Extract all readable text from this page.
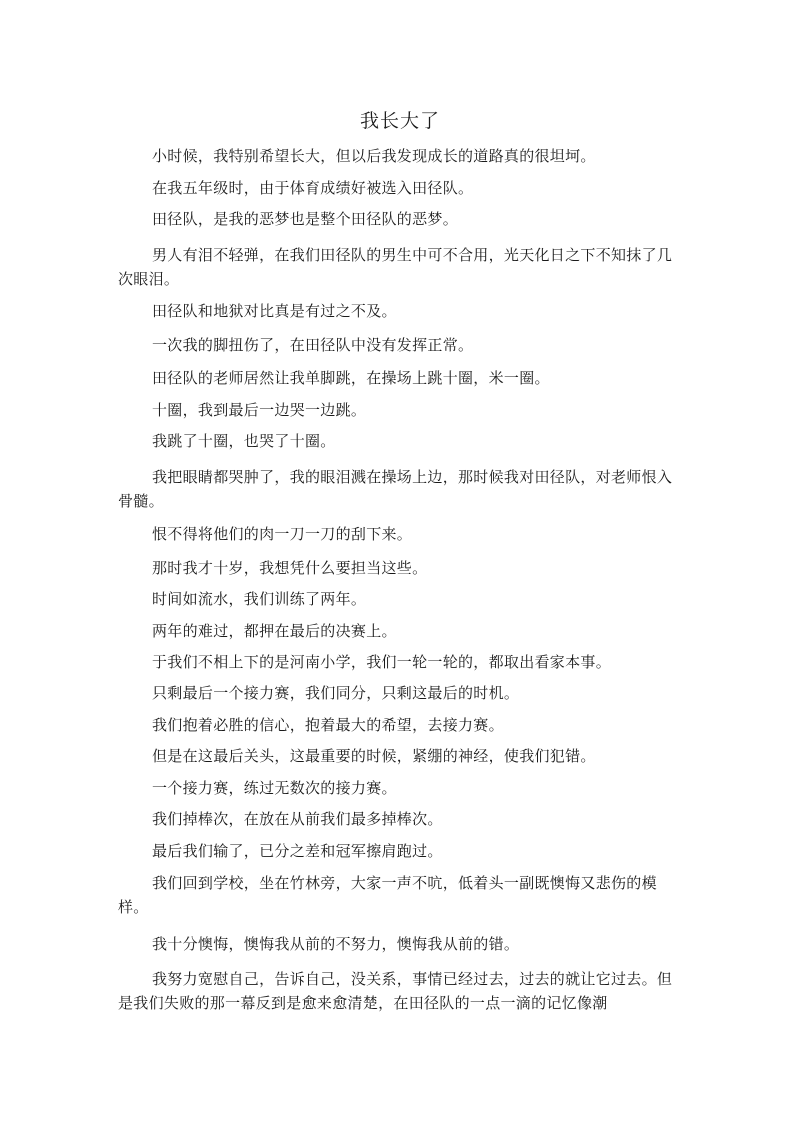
我长大了
小时候，我特别希望长大，但以后我发现成长的道路真的很坦坷。
在我五年级时，由于体育成绩好被选入田径队。
田径队，是我的恶梦也是整个田径队的恶梦。
男人有泪不轻弹，在我们田径队的男生中可不合用，光天化日之下不知抹了几次眼泪。
田径队和地狱对比真是有过之不及。
一次我的脚扭伤了，在田径队中没有发挥正常。
田径队的老师居然让我单脚跳，在操场上跳十圈，米一圈。
十圈，我到最后一边哭一边跳。
我跳了十圈，也哭了十圈。
我把眼睛都哭肿了，我的眼泪溅在操场上边，那时候我对田径队，对老师恨入骨髓。
恨不得将他们的肉一刀一刀的刮下来。
那时我才十岁，我想凭什么要担当这些。
时间如流水，我们训练了两年。
两年的难过，都押在最后的决赛上。
于我们不相上下的是河南小学，我们一轮一轮的，都取出看家本事。
只剩最后一个接力赛，我们同分，只剩这最后的时机。
我们抱着必胜的信心，抱着最大的希望，去接力赛。
但是在这最后关头，这最重要的时候，紧绷的神经，使我们犯错。
一个接力赛，练过无数次的接力赛。
我们掉棒次，在放在从前我们最多掉棒次。
最后我们输了，已分之差和冠军擦肩跑过。
我们回到学校，坐在竹林旁，大家一声不吭，低着头一副既懊悔又悲伤的模样。
我十分懊悔，懊悔我从前的不努力，懊悔我从前的错。
我努力宽慰自己，告诉自己，没关系，事情已经过去，过去的就让它过去。但是我们失败的那一幕反到是愈来愈清楚，在田径队的一点一滴的记忆像潮
